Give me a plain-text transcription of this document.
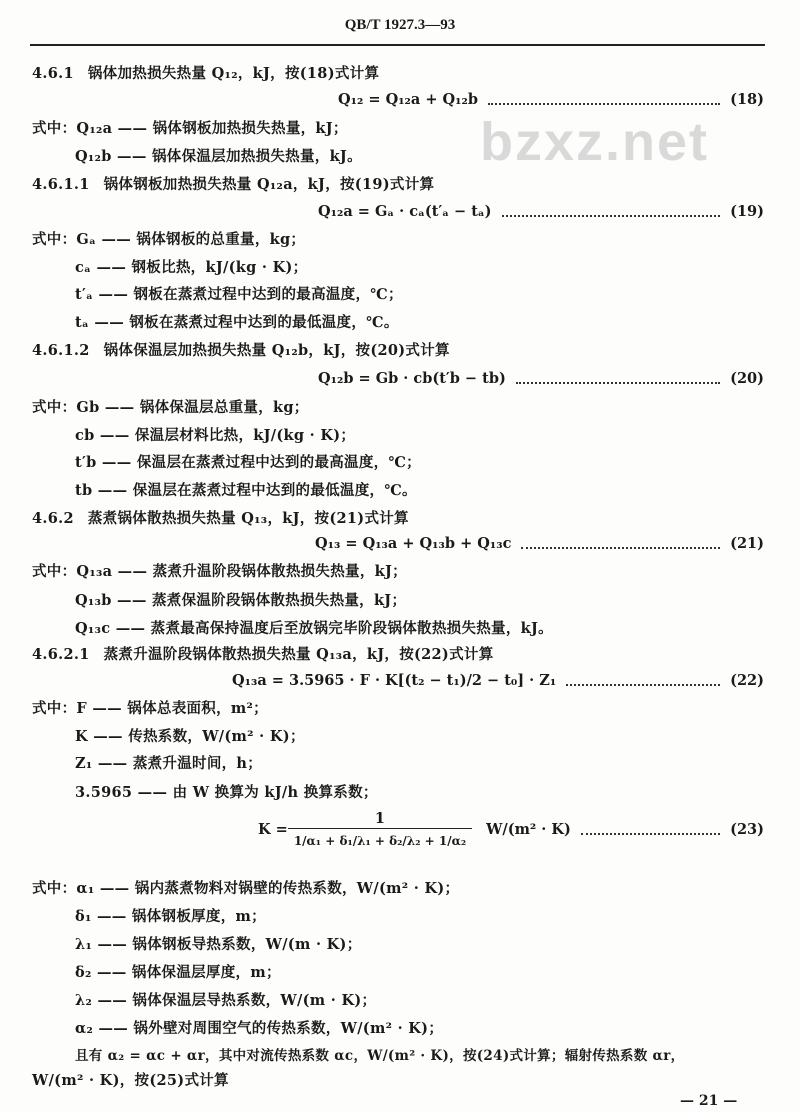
QB/T 1927.3—93
bzxz.net
4.6.1 锅体加热损失热量 Q₁₂，kJ，按(18)式计算
Q₁₂ = Q₁₂a + Q₁₂b	(18)
式中：Q₁₂a —— 锅体钢板加热损失热量，kJ；
Q₁₂b —— 锅体保温层加热损失热量，kJ。
4.6.1.1 锅体钢板加热损失热量 Q₁₂a，kJ，按(19)式计算
Q₁₂a = Gₐ · cₐ(t′ₐ − tₐ)	(19)
式中：Gₐ —— 锅体钢板的总重量，kg；
cₐ —— 钢板比热，kJ/(kg · K)；
t′ₐ —— 钢板在蒸煮过程中达到的最高温度，℃；
tₐ —— 钢板在蒸煮过程中达到的最低温度，℃。
4.6.1.2 锅体保温层加热损失热量 Q₁₂b，kJ，按(20)式计算
Q₁₂b = Gb · cb(t′b − tb)	(20)
式中：Gb —— 锅体保温层总重量，kg；
cb —— 保温层材料比热，kJ/(kg · K)；
t′b —— 保温层在蒸煮过程中达到的最高温度，℃；
tb —— 保温层在蒸煮过程中达到的最低温度，℃。
4.6.2 蒸煮锅体散热损失热量 Q₁₃，kJ，按(21)式计算
Q₁₃ = Q₁₃a + Q₁₃b + Q₁₃c	(21)
式中：Q₁₃a —— 蒸煮升温阶段锅体散热损失热量，kJ；
Q₁₃b —— 蒸煮保温阶段锅体散热损失热量，kJ；
Q₁₃c —— 蒸煮最高保持温度后至放锅完毕阶段锅体散热损失热量，kJ。
4.6.2.1 蒸煮升温阶段锅体散热损失热量 Q₁₃a，kJ，按(22)式计算
Q₁₃a = 3.5965 · F · K[(t₂ − t₁)/2 − t₀] · Z₁	(22)
式中：F —— 锅体总表面积，m²；
K —— 传热系数，W/(m² · K)；
Z₁ —— 蒸煮升温时间，h；
3.5965 —— 由 W 换算为 kJ/h 换算系数；
$K = \frac{1}{\text{1/α₁ + δ₁/λ₁ + δ₂/λ₂ + 1/α₂}} W/(m^2 \cdot K)$	(23)
式中：α₁ —— 锅内蒸煮物料对锅壁的传热系数，W/(m² · K)；
δ₁ —— 锅体钢板厚度，m；
λ₁ —— 锅体钢板导热系数，W/(m · K)；
δ₂ —— 锅体保温层厚度，m；
λ₂ —— 锅体保温层导热系数，W/(m · K)；
α₂ —— 锅外壁对周围空气的传热系数，W/(m² · K)；
且有 α₂ = αc + αr，其中对流传热系数 αc，W/(m² · K)，按(24)式计算；辐射传热系数 αr，
W/(m² · K)，按(25)式计算
— 21 —
